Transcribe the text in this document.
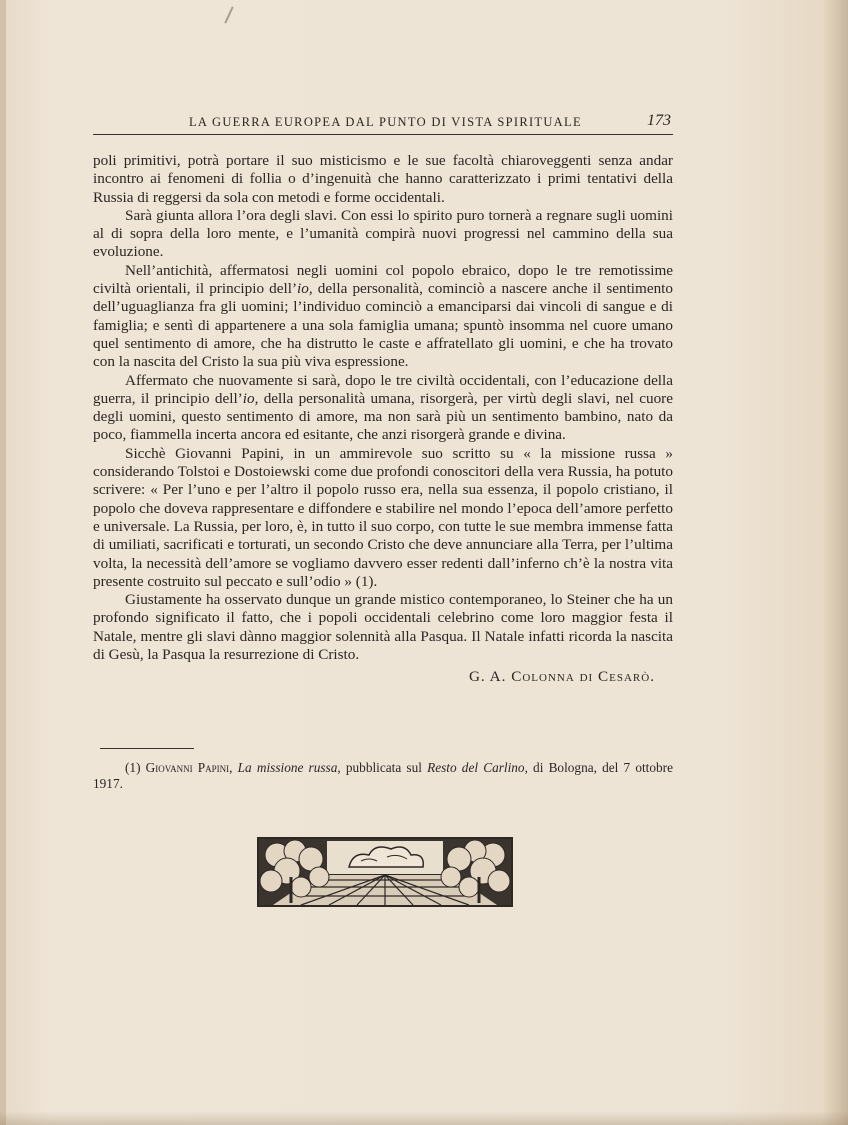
LA GUERRA EUROPEA DAL PUNTO DI VISTA SPIRITUALE	173

poli primitivi, potrà portare il suo misticismo e le sue facoltà chiaroveggenti senza andar incontro ai fenomeni di follia o d’ingenuità che hanno caratterizzato i primi tentativi della Russia di reggersi da sola con metodi e forme occidentali.

Sarà giunta allora l’ora degli slavi. Con essi lo spirito puro tornerà a regnare sugli uomini al di sopra della loro mente, e l’umanità compirà nuovi progressi nel cammino della sua evoluzione.

Nell’antichità, affermatosi negli uomini col popolo ebraico, dopo le tre remotissime civiltà orientali, il principio dell’io, della personalità, cominciò a nascere anche il sentimento dell’uguaglianza fra gli uomini; l’individuo cominciò a emanciparsi dai vincoli di sangue e di famiglia; e sentì di appartenere a una sola famiglia umana; spuntò insomma nel cuore umano quel sentimento di amore, che ha distrutto le caste e affratellato gli uomini, e che ha trovato con la nascita del Cristo la sua più viva espressione.

Affermato che nuovamente si sarà, dopo le tre civiltà occidentali, con l’educazione della guerra, il principio dell’io, della personalità umana, risorgerà, per virtù degli slavi, nel cuore degli uomini, questo sentimento di amore, ma non sarà più un sentimento bambino, nato da poco, fiammella incerta ancora ed esitante, che anzi risorgerà grande e divina.

Sicchè Giovanni Papini, in un ammirevole suo scritto su « la missione russa » considerando Tolstoi e Dostoiewski come due profondi conoscitori della vera Russia, ha potuto scrivere: « Per l’uno e per l’altro il popolo russo era, nella sua essenza, il popolo cristiano, il popolo che doveva rappresentare e diffondere e stabilire nel mondo l’epoca dell’amore perfetto e universale. La Russia, per loro, è, in tutto il suo corpo, con tutte le sue membra immense fatta di umiliati, sacrificati e torturati, un secondo Cristo che deve annunciare alla Terra, per l’ultima volta, la necessità dell’amore se vogliamo davvero esser redenti dall’inferno ch’è la nostra vita presente costruito sul peccato e sull’odio » (1).

Giustamente ha osservato dunque un grande mistico contemporaneo, lo Steiner che ha un profondo significato il fatto, che i popoli occidentali celebrino come loro maggior festa il Natale, mentre gli slavi dànno maggior solennità alla Pasqua. Il Natale infatti ricorda la nascita di Gesù, la Pasqua la resurrezione di Cristo.

G. A. Colonna di Cesarò.
(1) Giovanni Papini, La missione russa, pubblicata sul Resto del Carlino, di Bologna, del 7 ottobre 1917.
